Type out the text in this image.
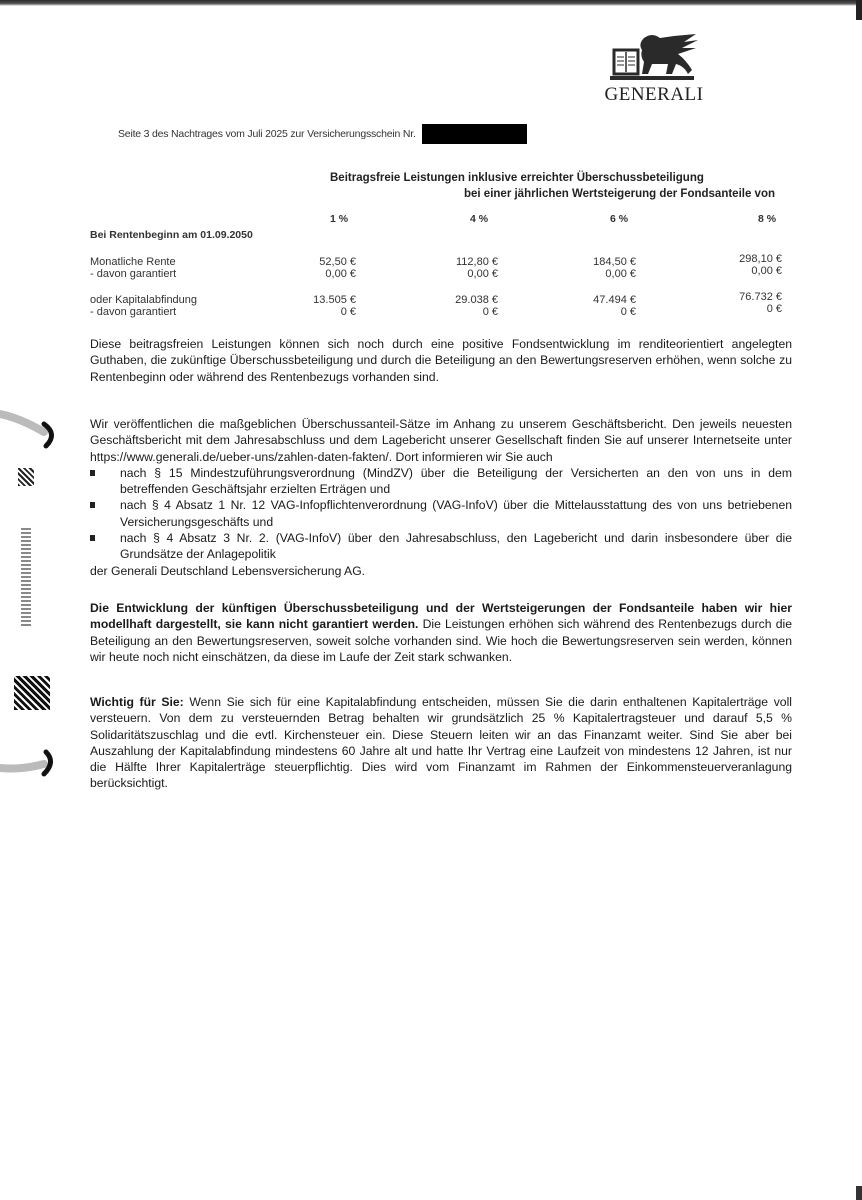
GENERALI
Seite 3 des Nachtrages vom Juli 2025 zur Versicherungsschein Nr.
Beitragsfreie Leistungen inklusive erreichter Überschussbeteiligung
bei einer jährlichen Wertsteigerung der Fondsanteile von
Bei Rentenbeginn am 01.09.2050
1 %	4 %	6 %	8 %
Monatliche Rente	52,50 €	112,80 €	184,50 €	298,10 €
- davon garantiert	0,00 €	0,00 €	0,00 €	0,00 €
oder Kapitalabfindung	13.505 €	29.038 €	47.494 €	76.732 €
- davon garantiert	0 €	0 €	0 €	0 €
Diese beitragsfreien Leistungen können sich noch durch eine positive Fondsentwicklung im renditeorientiert angelegten Guthaben, die zukünftige Überschussbeteiligung und durch die Beteiligung an den Bewertungsreserven erhöhen, wenn solche zu Rentenbeginn oder während des Rentenbezugs vorhanden sind.
Wir veröffentlichen die maßgeblichen Überschussanteil-Sätze im Anhang zu unserem Geschäftsbericht. Den jeweils neuesten Geschäftsbericht mit dem Jahresabschluss und dem Lagebericht unserer Gesellschaft finden Sie auf unserer Internetseite unter https://www.generali.de/ueber-uns/zahlen-daten-fakten/. Dort informieren wir Sie auch
nach § 15 Mindestzuführungsverordnung (MindZV) über die Beteiligung der Versicherten an den von uns in dem betreffenden Geschäftsjahr erzielten Erträgen und
nach § 4 Absatz 1 Nr. 12 VAG-Infopflichtenverordnung (VAG-InfoV) über die Mittelausstattung des von uns betriebenen Versicherungsgeschäfts und
nach § 4 Absatz 3 Nr. 2. (VAG-InfoV) über den Jahresabschluss, den Lagebericht und darin insbesondere über die Grundsätze der Anlagepolitik
der Generali Deutschland Lebensversicherung AG.
Die Entwicklung der künftigen Überschussbeteiligung und der Wertsteigerungen der Fondsanteile haben wir hier modellhaft dargestellt, sie kann nicht garantiert werden. Die Leistungen erhöhen sich während des Rentenbezugs durch die Beteiligung an den Bewertungsreserven, soweit solche vorhanden sind. Wie hoch die Bewertungsreserven sein werden, können wir heute noch nicht einschätzen, da diese im Laufe der Zeit stark schwanken.
Wichtig für Sie: Wenn Sie sich für eine Kapitalabfindung entscheiden, müssen Sie die darin enthaltenen Kapitalerträge voll versteuern. Von dem zu versteuernden Betrag behalten wir grundsätzlich 25 % Kapitalertragsteuer und darauf 5,5 % Solidaritätszuschlag und die evtl. Kirchensteuer ein. Diese Steuern leiten wir an das Finanzamt weiter. Sind Sie aber bei Auszahlung der Kapitalabfindung mindestens 60 Jahre alt und hatte Ihr Vertrag eine Laufzeit von mindestens 12 Jahren, ist nur die Hälfte Ihrer Kapitalerträge steuerpflichtig. Dies wird vom Finanzamt im Rahmen der Einkommensteuerveranlagung berücksichtigt.
